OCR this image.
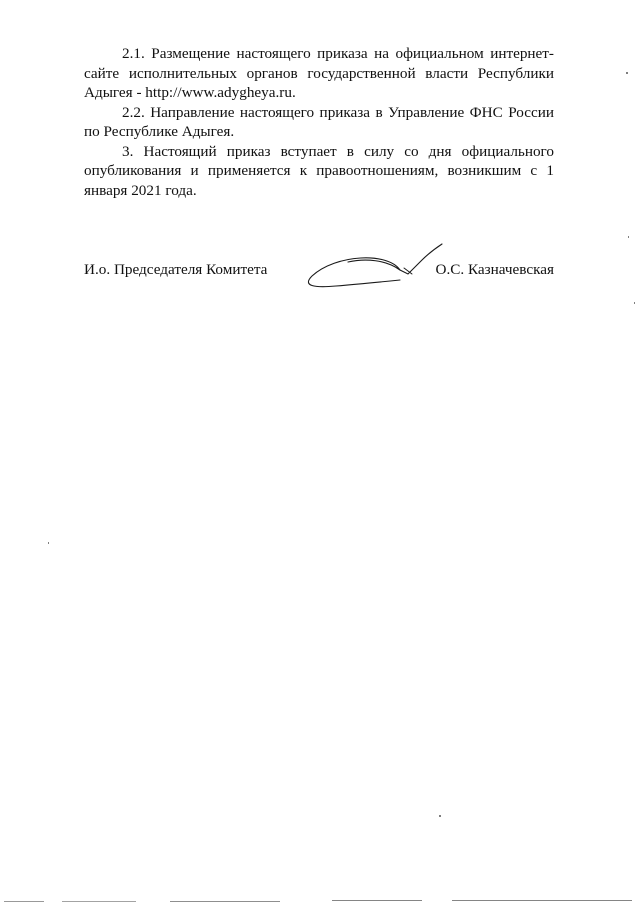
2.1. Размещение настоящего приказа на официальном интернет-сайте исполнительных органов государственной власти Республики Адыгея - http://www.adygheya.ru.

2.2. Направление настоящего приказа в Управление ФНС России по Республике Адыгея.

3. Настоящий приказ вступает в силу со дня официального опубликования и применяется к правоотношениям, возникшим с 1 января 2021 года.

И.о. Председателя Комитета	О.С. Казначевская
